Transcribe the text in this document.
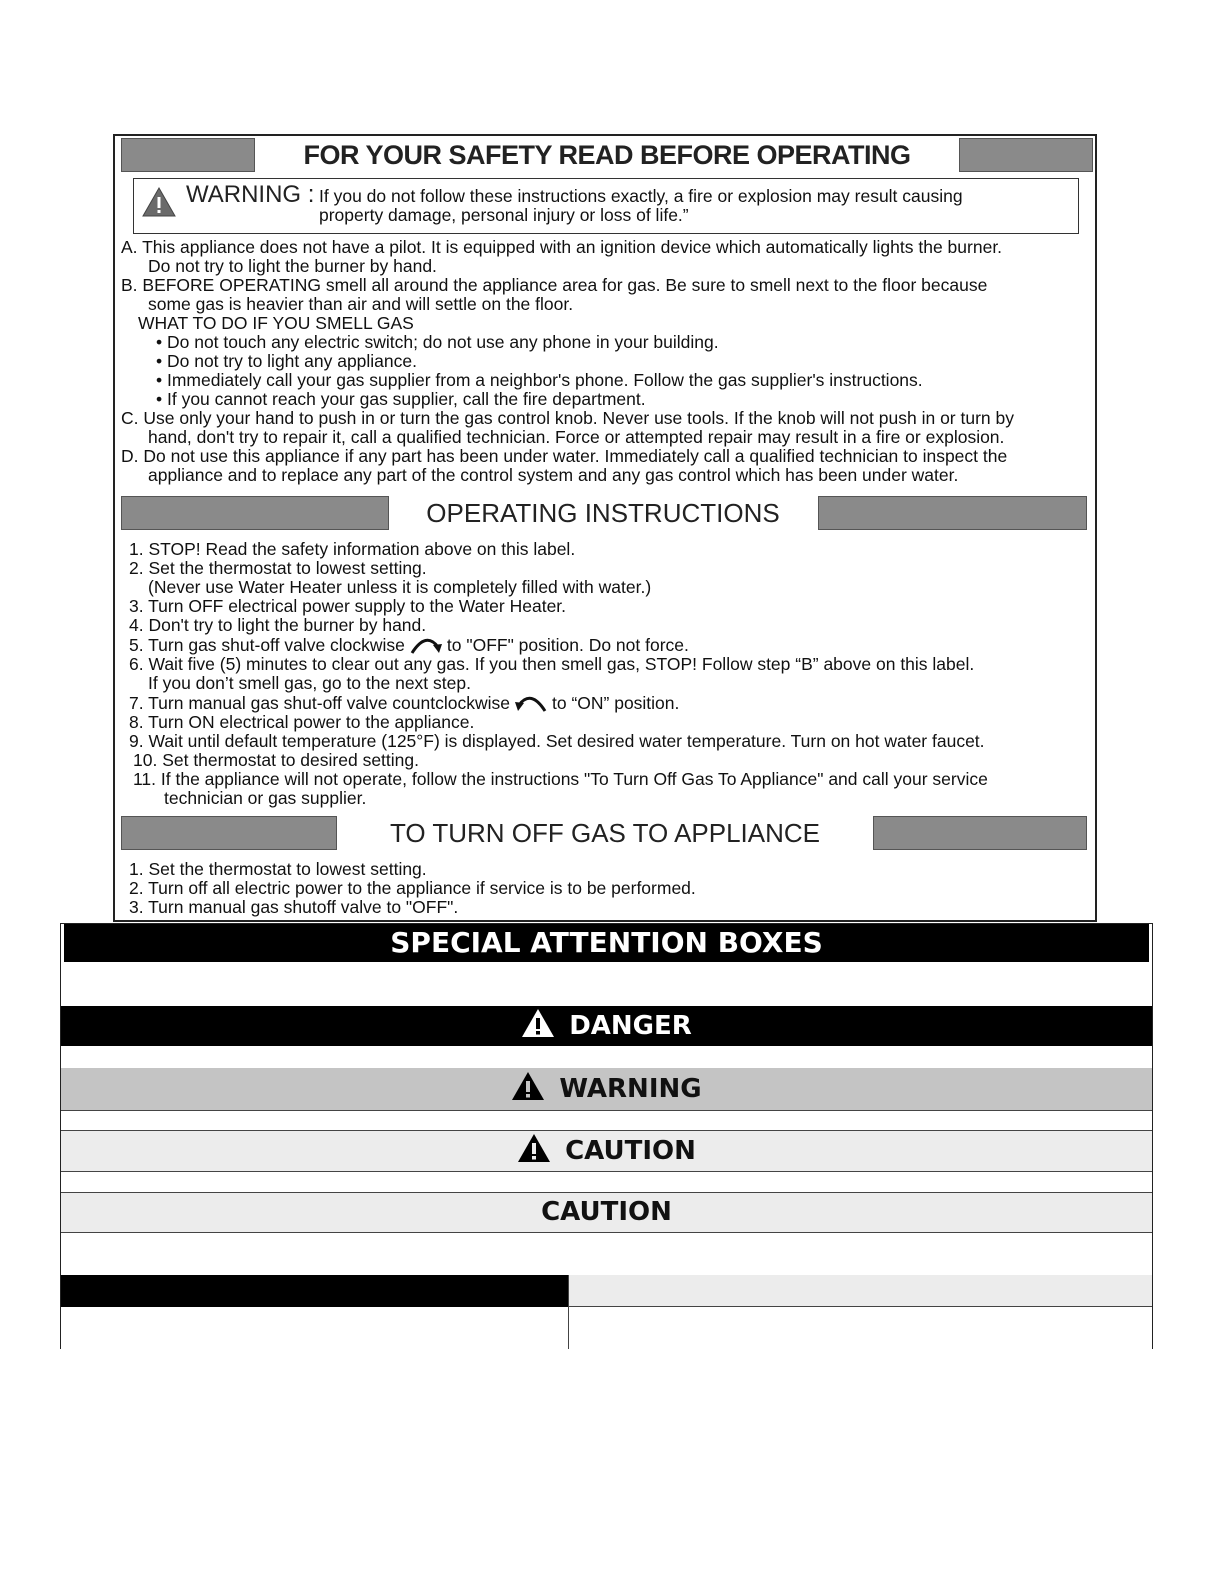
FOR YOUR SAFETY READ BEFORE OPERATING
WARNING : If you do not follow these instructions exactly, a fire or explosion may result causing
property damage, personal injury or loss of life.”

A. This appliance does not have a pilot. It is equipped with an ignition device which automatically lights the burner.

Do not try to light the burner by hand.

B. BEFORE OPERATING smell all around the appliance area for gas. Be sure to smell next to the floor because

some gas is heavier than air and will settle on the floor.

WHAT TO DO IF YOU SMELL GAS

• Do not touch any electric switch; do not use any phone in your building.

• Do not try to light any appliance.

• Immediately call your gas supplier from a neighbor's phone. Follow the gas supplier's instructions.

• If you cannot reach your gas supplier, call the fire department.

C. Use only your hand to push in or turn the gas control knob. Never use tools. If the knob will not push in or turn by

hand, don't try to repair it, call a qualified technician. Force or attempted repair may result in a fire or explosion.

D. Do not use this appliance if any part has been under water. Immediately call a qualified technician to inspect the

appliance and to replace any part of the control system and any gas control which has been under water.

OPERATING INSTRUCTIONS

1. STOP! Read the safety information above on this label.

2. Set the thermostat to lowest setting.

(Never use Water Heater unless it is completely filled with water.)

3. Turn OFF electrical power supply to the Water Heater.

4. Don't try to light the burner by hand.

5. Turn gas shut-off valve clockwise to "OFF" position. Do not force.

6. Wait five (5) minutes to clear out any gas. If you then smell gas, STOP! Follow step “B” above on this label.

If you don’t smell gas, go to the next step.

7. Turn manual gas shut-off valve countclockwise to “ON” position.

8. Turn ON electrical power to the appliance.

9. Wait until default temperature (125°F) is displayed. Set desired water temperature. Turn on hot water faucet.

10. Set thermostat to desired setting.

11. If the appliance will not operate, follow the instructions "To Turn Off Gas To Appliance" and call your service

technician or gas supplier.

TO TURN OFF GAS TO APPLIANCE

1. Set the thermostat to lowest setting.

2. Turn off all electric power to the appliance if service is to be performed.

3. Turn manual gas shutoff valve to "OFF".

SPECIAL ATTENTION BOXES
DANGER
WARNING
CAUTION
CAUTION
